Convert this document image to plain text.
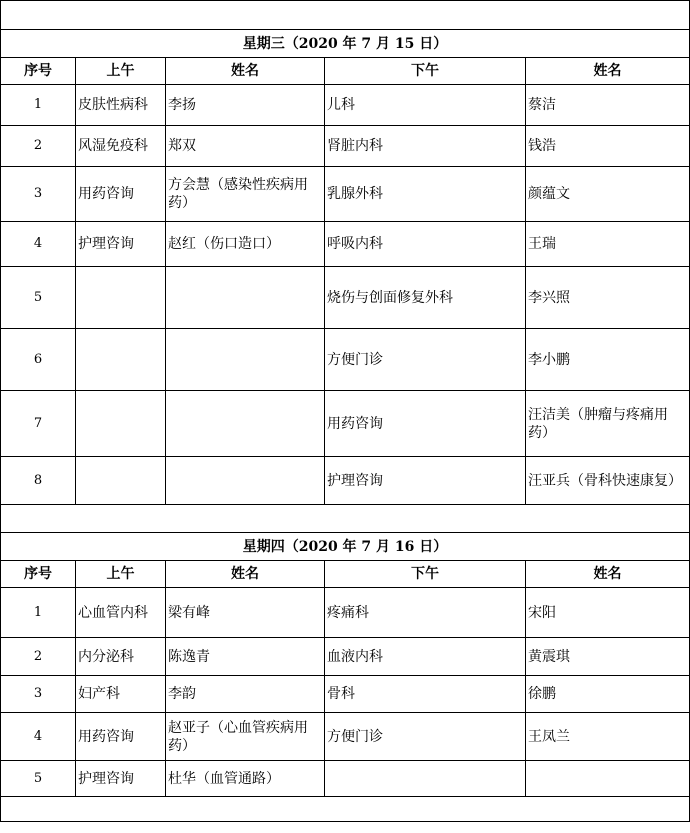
星期三（2020 年 7 月 15 日）				
序号	上午	姓名	下午	姓名
1	皮肤性病科	李扬	儿科	蔡洁
2	风湿免疫科	郑双	肾脏内科	钱浩
3	用药咨询	方会慧（感染性疾病用药）	乳腺外科	颜蕴文
4	护理咨询	赵红（伤口造口）	呼吸内科	王瑞
5			烧伤与创面修复外科	李兴照
6			方便门诊	李小鹏
7			用药咨询	汪洁美（肿瘤与疼痛用药）
8			护理咨询	汪亚兵（骨科快速康复）

星期四（2020 年 7 月 16 日）				
序号	上午	姓名	下午	姓名
1	心血管内科	梁有峰	疼痛科	宋阳
2	内分泌科	陈逸青	血液内科	黄震琪
3	妇产科	李韵	骨科	徐鹏
4	用药咨询	赵亚子（心血管疾病用药）	方便门诊	王凤兰
5	护理咨询	杜华（血管通路）		
